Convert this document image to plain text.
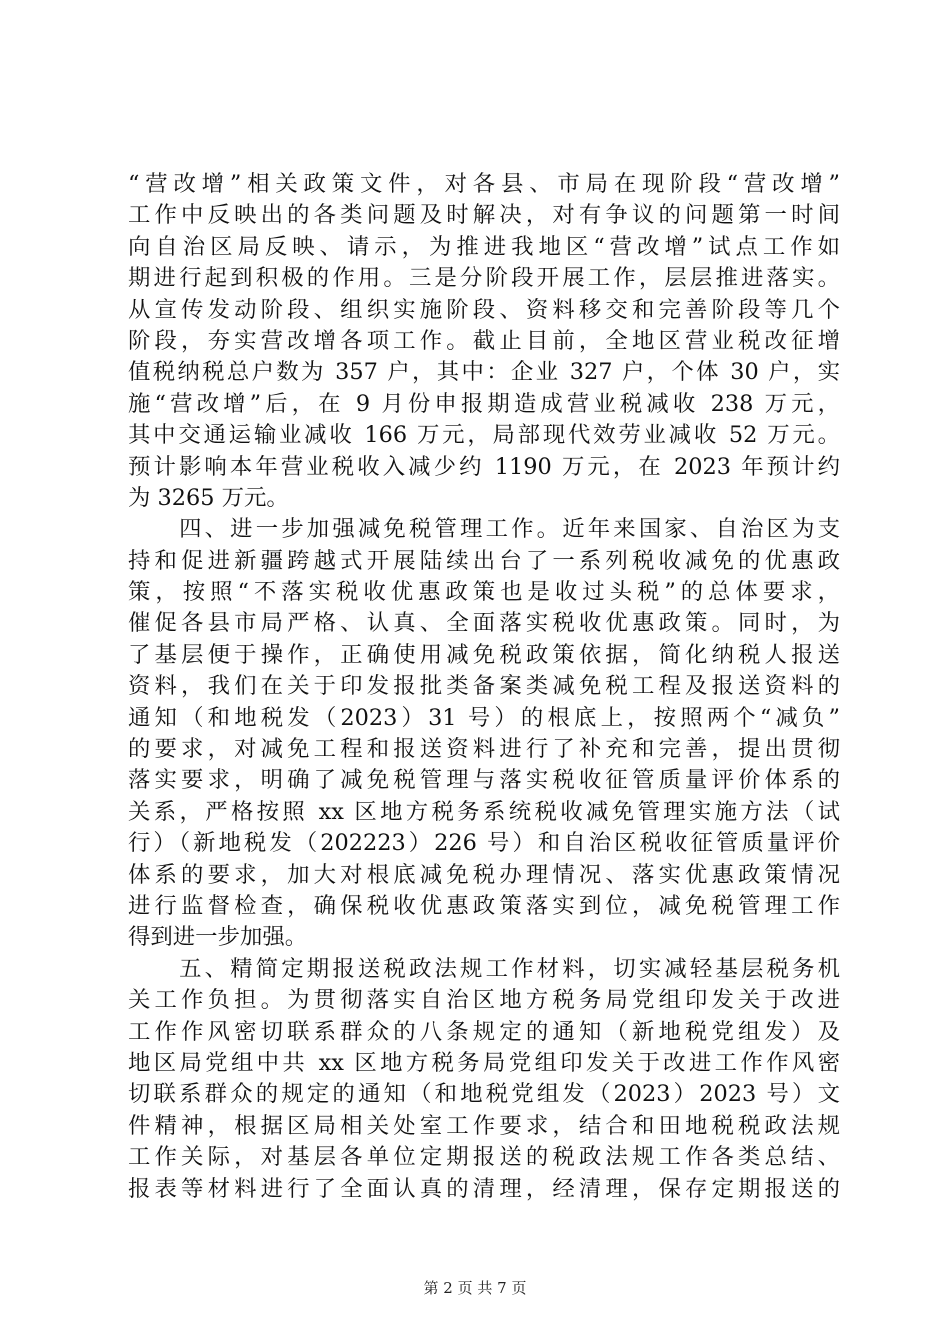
“营改增”相关政策文件，对各县、市局在现阶段“营改增”
工作中反映出的各类问题及时解决，对有争议的问题第一时间
向自治区局反映、请示，为推进我地区“营改增”试点工作如
期进行起到积极的作用。三是分阶段开展工作，层层推进落实。
从宣传发动阶段、组织实施阶段、资料移交和完善阶段等几个
阶段，夯实营改增各项工作。截止目前，全地区营业税改征增
值税纳税总户数为 357 户，其中：企业 327 户，个体 30 户，实
施“营改增”后，在 9 月份申报期造成营业税减收 238 万元，
其中交通运输业减收 166 万元，局部现代效劳业减收 52 万元。
预计影响本年营业税收入减少约 1190 万元，在 2023 年预计约
为 3265 万元。
　　四、进一步加强减免税管理工作。近年来国家、自治区为支
持和促进新疆跨越式开展陆续出台了一系列税收减免的优惠政
策，按照“不落实税收优惠政策也是收过头税”的总体要求，
催促各县市局严格、认真、全面落实税收优惠政策。同时，为
了基层便于操作，正确使用减免税政策依据，简化纳税人报送
资料，我们在关于印发报批类备案类减免税工程及报送资料的
通知（和地税发（2023）31 号）的根底上，按照两个“减负”
的要求，对减免工程和报送资料进行了补充和完善，提出贯彻
落实要求，明确了减免税管理与落实税收征管质量评价体系的
关系，严格按照 xx 区地方税务系统税收减免管理实施方法（试
行）（新地税发（202223）226 号）和自治区税收征管质量评价
体系的要求，加大对根底减免税办理情况、落实优惠政策情况
进行监督检查，确保税收优惠政策落实到位，减免税管理工作
得到进一步加强。
　　五、精简定期报送税政法规工作材料，切实减轻基层税务机
关工作负担。为贯彻落实自治区地方税务局党组印发关于改进
工作作风密切联系群众的八条规定的通知（新地税党组发）及
地区局党组中共 xx 区地方税务局党组印发关于改进工作作风密
切联系群众的规定的通知（和地税党组发（2023）2023 号）文
件精神，根据区局相关处室工作要求，结合和田地税税政法规
工作关际，对基层各单位定期报送的税政法规工作各类总结、
报表等材料进行了全面认真的清理，经清理，保存定期报送的
第 2 页 共 7 页
